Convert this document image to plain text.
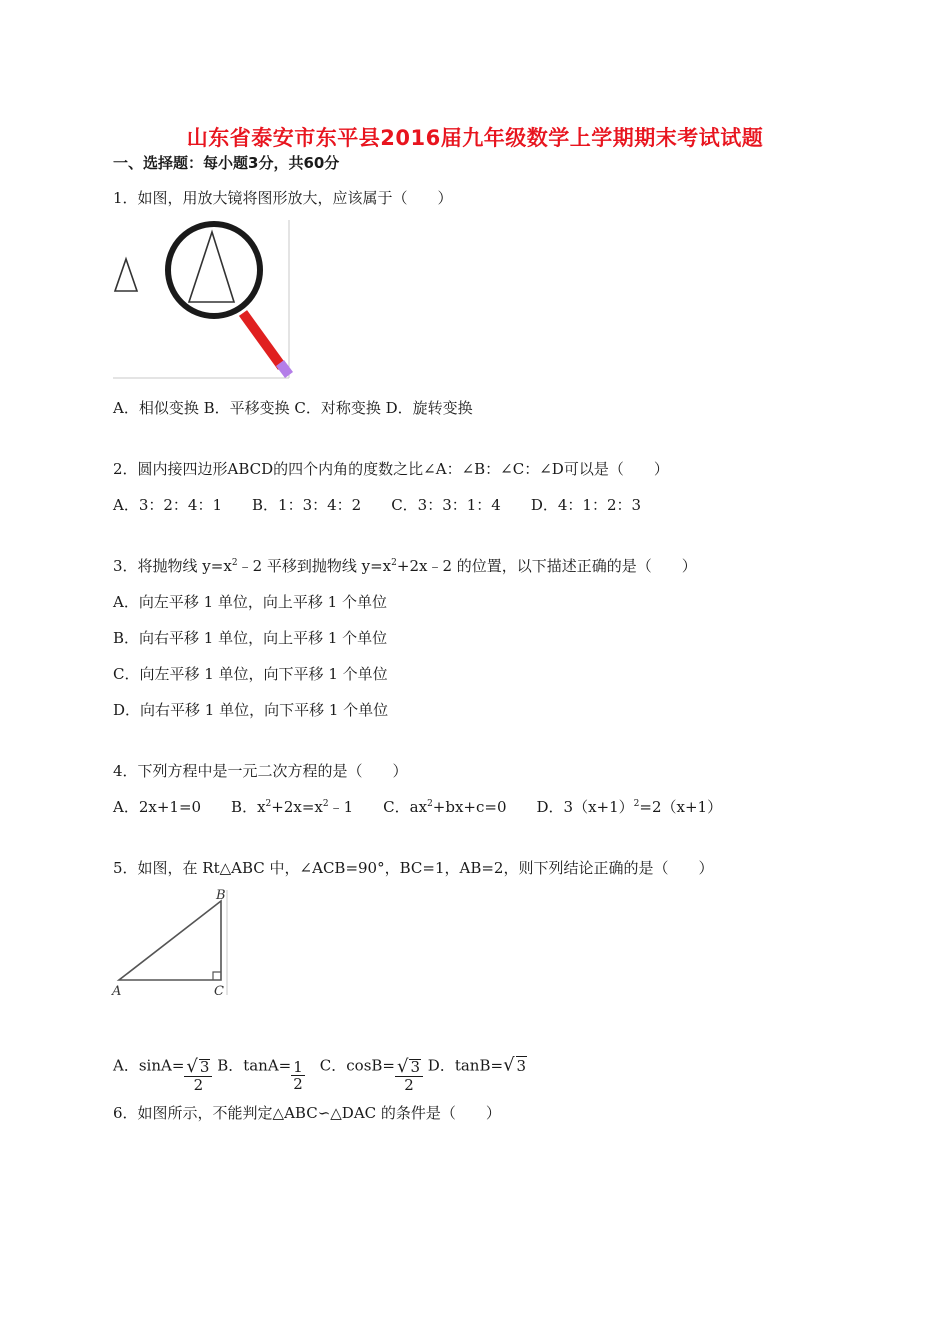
山东省泰安市东平县2016届九年级数学上学期期末考试试题
一、选择题：每小题3分，共60分
1．如图，用放大镜将图形放大，应该属于（　　）
A．相似变换 B．平移变换 C．对称变换 D．旋转变换
2．圆内接四边形ABCD的四个内角的度数之比∠A：∠B：∠C：∠D可以是（　　）
A．3：2：4：1　　B．1：3：4：2　　C．3：3：1：4　　D．4：1：2：3
3．将抛物线 $y=x^2﹣2$ 平移到抛物线 $y=x^2+2x﹣2$ 的位置，以下描述正确的是（　　）
A．向左平移 1 单位，向上平移 1 个单位
B．向右平移 1 单位，向上平移 1 个单位
C．向左平移 1 单位，向下平移 1 个单位
D．向右平移 1 单位，向下平移 1 个单位
4．下列方程中是一元二次方程的是（　　）
A．2x+1=0　　B．$x^2+2x=x^2﹣1$　　C．$ax^2+bx+c=0$　　D．$3(x+1)^2=2(x+1)$
5．如图，在 Rt△ABC 中，∠ACB=90°，BC=1，AB=2，则下列结论正确的是（　　）
A
B
C
A．$\sin A= \frac{√ 3}{2}$ B．$\tan A= \frac{1}{2}$ 　C．$\cos B= \frac{√ 3}{2}$ D．tanB=√ 3
6．如图所示，不能判定△ABC∽△DAC 的条件是（　　）
